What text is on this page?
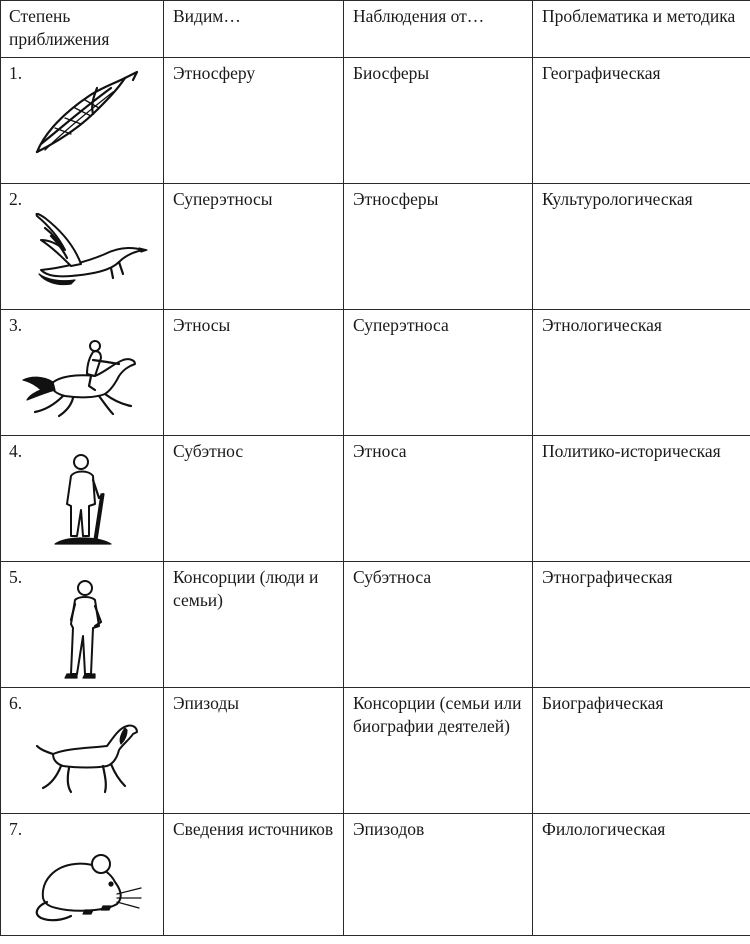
Степень приближения	Видим…	Наблюдения от…	Проблематика и методика

1.	Этносферу	Биосферы	Географическая

2.	Суперэтносы	Этносферы	Культурологическая

3.	Этносы	Суперэтноса	Этнологическая

4.	Субэтнос	Этноса	Политико-историческая

5.	Консорции (люди и семьи)	Субэтноса	Этнографическая

6.	Эпизоды	Консорции (семьи или биографии деятелей)	Биографическая

7.	Сведения источников	Эпизодов	Филологическая
